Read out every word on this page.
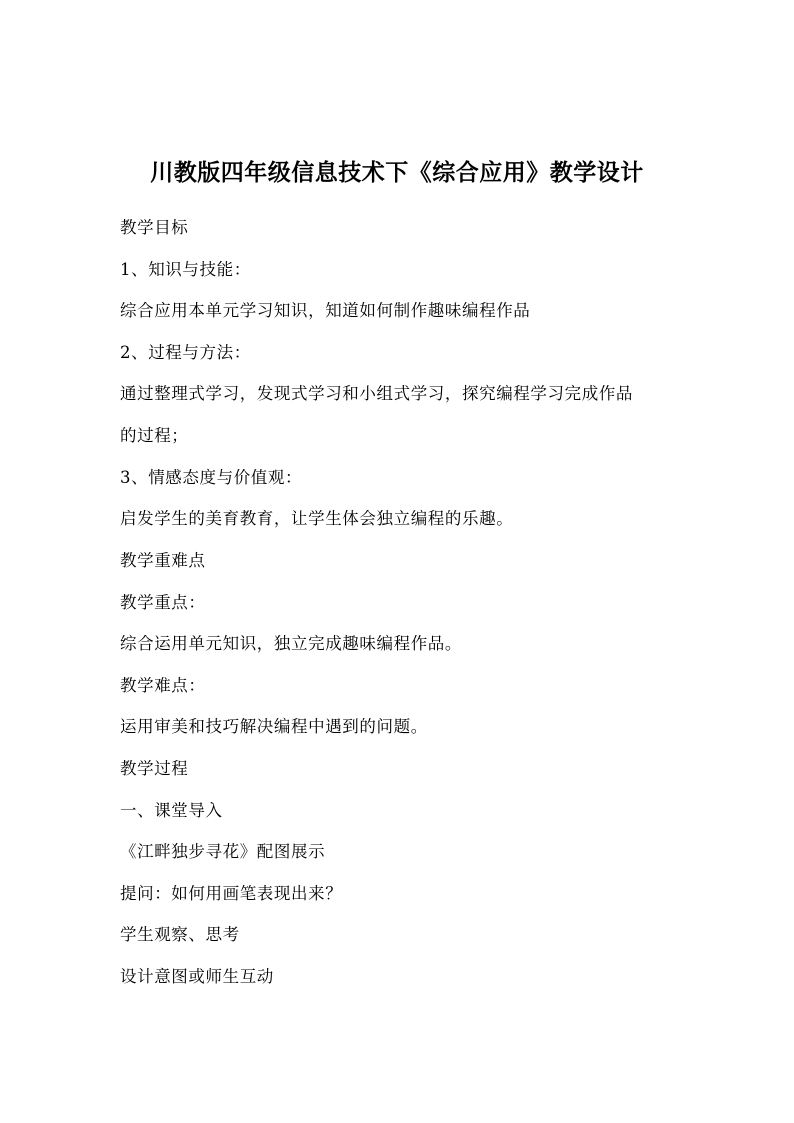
川教版四年级信息技术下《综合应用》教学设计
教学目标
1、知识与技能：
综合应用本单元学习知识，知道如何制作趣味编程作品
2、过程与方法：
通过整理式学习，发现式学习和小组式学习，探究编程学习完成作品
的过程；
3、情感态度与价值观：
启发学生的美育教育，让学生体会独立编程的乐趣。
教学重难点
教学重点：
综合运用单元知识，独立完成趣味编程作品。
教学难点：
运用审美和技巧解决编程中遇到的问题。
教学过程
一、课堂导入
《江畔独步寻花》配图展示
提问：如何用画笔表现出来？
学生观察、思考
设计意图或师生互动
